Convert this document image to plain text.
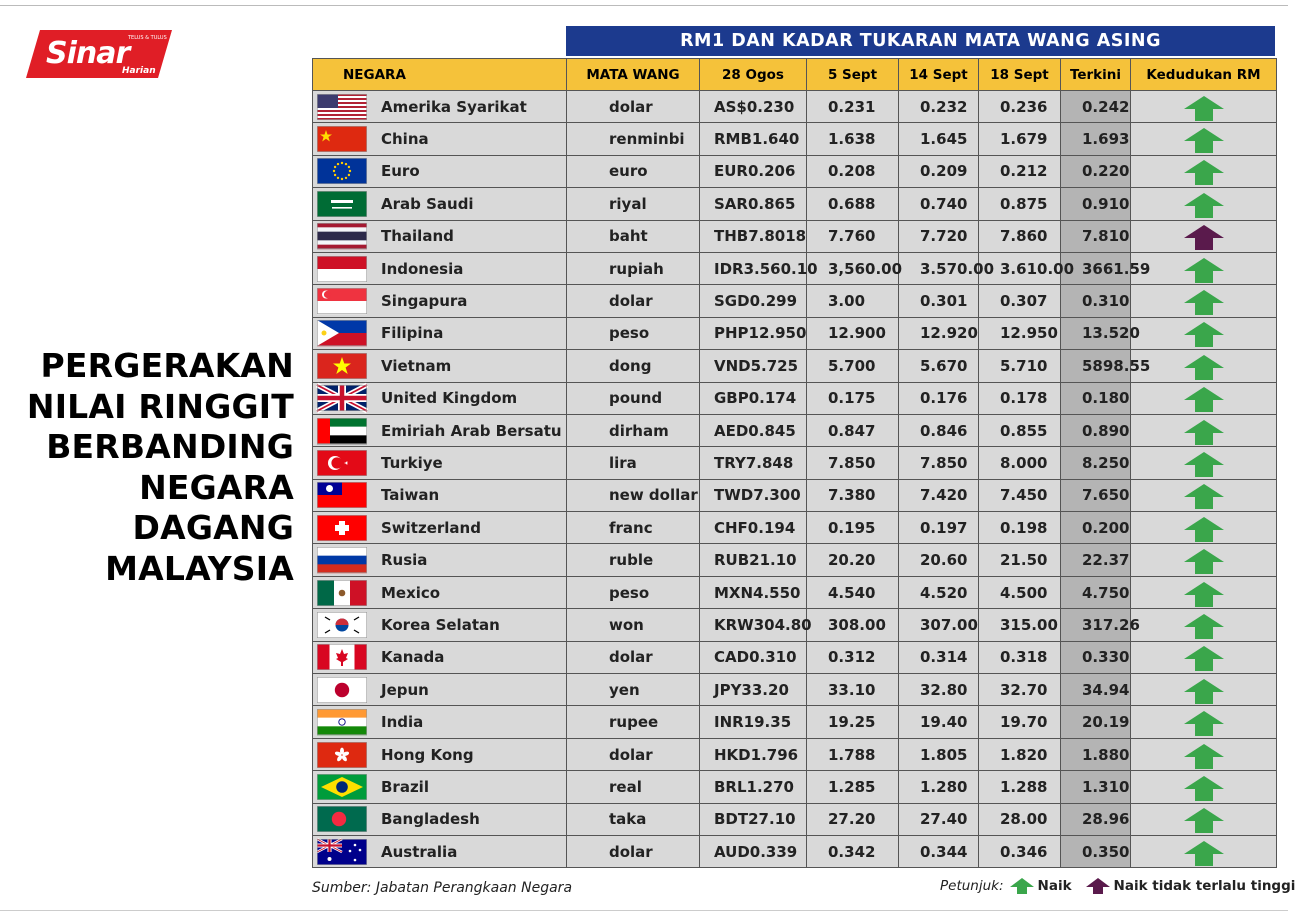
Sinar
Harian
TELUS & TULUS
PERGERAKAN
NILAI RINGGIT
BERBANDING
NEGARA
DAGANG
MALAYSIA
RM1 DAN KADAR TUKARAN MATA WANG ASING
NEGARA	MATA WANG	28 Ogos	5 Sept	14 Sept	18 Sept	Terkini	Kedudukan RM

Amerika Syarikat	dolar	AS$0.230	0.231	0.232	0.236	0.242	

China	renminbi	RMB1.640	1.638	1.645	1.679	1.693	

Euro	euro	EUR0.206	0.208	0.209	0.212	0.220	

Arab Saudi	riyal	SAR0.865	0.688	0.740	0.875	0.910	

Thailand	baht	THB7.8018	7.760	7.720	7.860	7.810	

Indonesia	rupiah	IDR3.560.10	3,560.00	3.570.00	3.610.00	3661.59	

Singapura	dolar	SGD0.299	3.00	0.301	0.307	0.310	

Filipina	peso	PHP12.950	12.900	12.920	12.950	13.520	

Vietnam	dong	VND5.725	5.700	5.670	5.710	5898.55	

United Kingdom	pound	GBP0.174	0.175	0.176	0.178	0.180	

Emiriah Arab Bersatu	dirham	AED0.845	0.847	0.846	0.855	0.890	

Turkiye	lira	TRY7.848	7.850	7.850	8.000	8.250	

Taiwan	new dollar	TWD7.300	7.380	7.420	7.450	7.650	

Switzerland	franc	CHF0.194	0.195	0.197	0.198	0.200	

Rusia	ruble	RUB21.10	20.20	20.60	21.50	22.37	

Mexico	peso	MXN4.550	4.540	4.520	4.500	4.750	

Korea Selatan	won	KRW304.80	308.00	307.00	315.00	317.26	

Kanada	dolar	CAD0.310	0.312	0.314	0.318	0.330	

Jepun	yen	JPY33.20	33.10	32.80	32.70	34.94	

India	rupee	INR19.35	19.25	19.40	19.70	20.19	

Hong Kong	dolar	HKD1.796	1.788	1.805	1.820	1.880	

Brazil	real	BRL1.270	1.285	1.280	1.288	1.310	

Bangladesh	taka	BDT27.10	27.20	27.40	28.00	28.96	

Australia	dolar	AUD0.339	0.342	0.344	0.346	0.350	
Sumber: Jabatan Perangkaan Negara	Petunjuk:	Naik	Naik tidak terlalu tinggi
